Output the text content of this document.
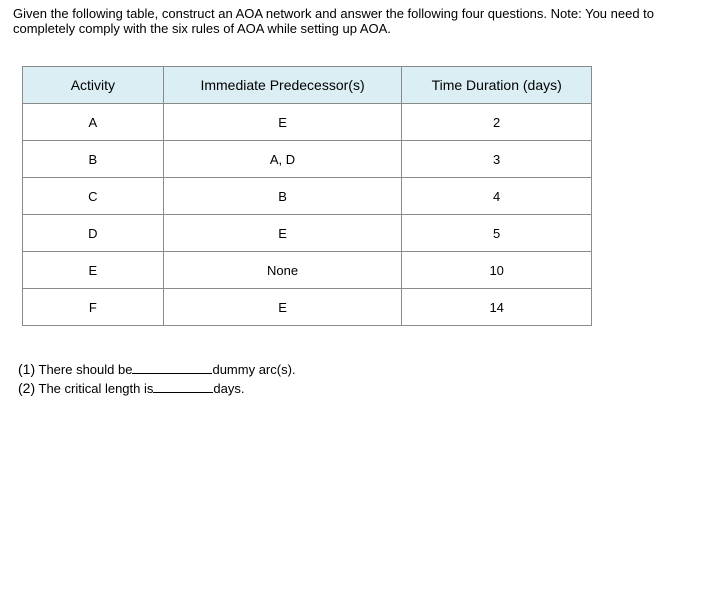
Given the following table, construct an AOA network and answer the following four questions. Note: You need to completely comply with the six rules of AOA while setting up AOA.

Activity	Immediate Predecessor(s)	Time Duration (days)
A	E	2
B	A, D	3
C	B	4
D	E	5
E	None	10
F	E	14
(1) There should be	dummy arc(s).
(2) The critical length is	days.
